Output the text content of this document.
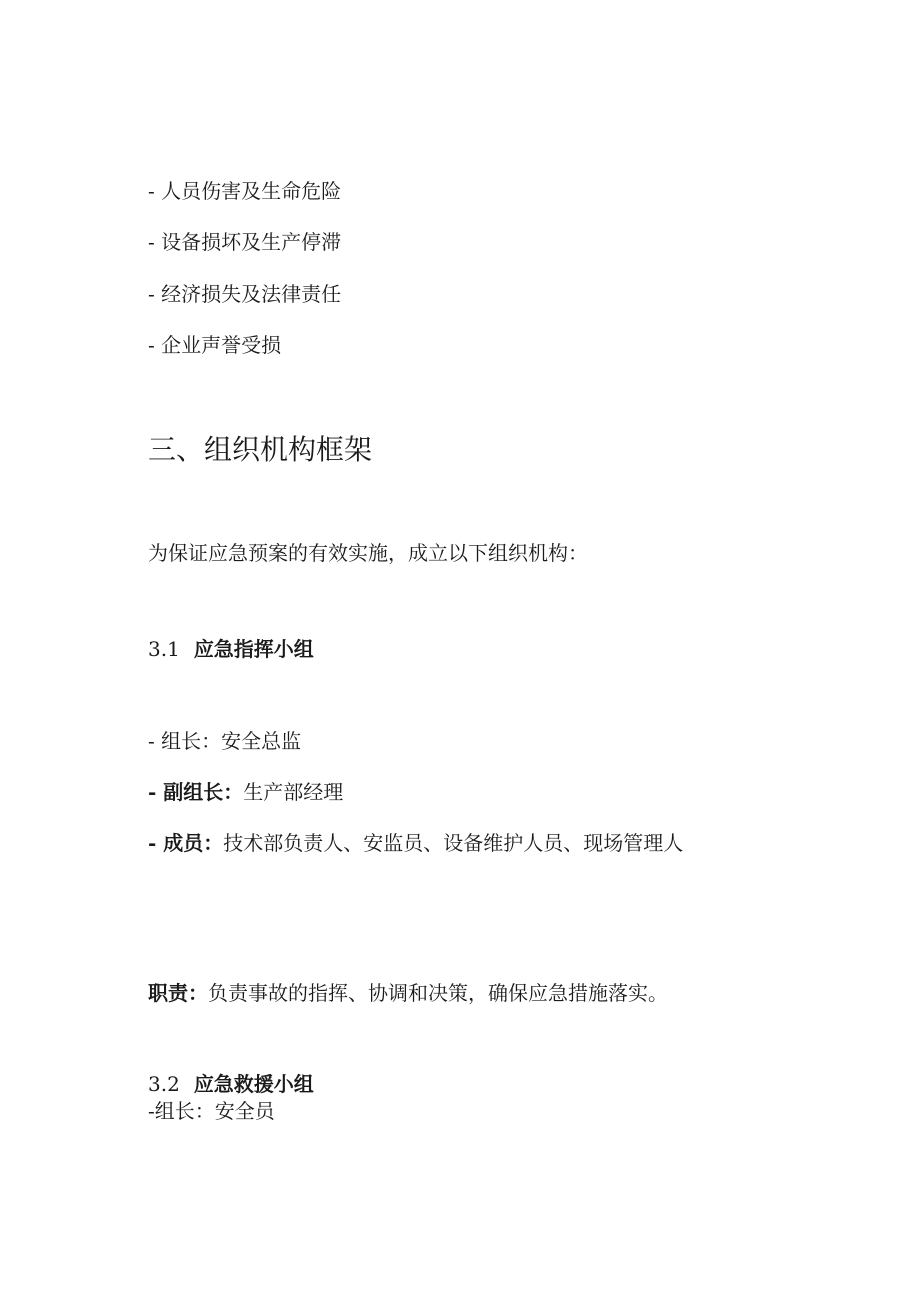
- 人员伤害及生命危险
- 设备损坏及生产停滞
- 经济损失及法律责任
- 企业声誉受损
三、组织机构框架
为保证应急预案的有效实施，成立以下组织机构：
3.1 应急指挥小组
- 组长：安全总监
- 副组长：生产部经理
- 成员：技术部负责人、安监员、设备维护人员、现场管理人
职责：负责事故的指挥、协调和决策，确保应急措施落实。
3.2 应急救援小组
-组长：安全员
